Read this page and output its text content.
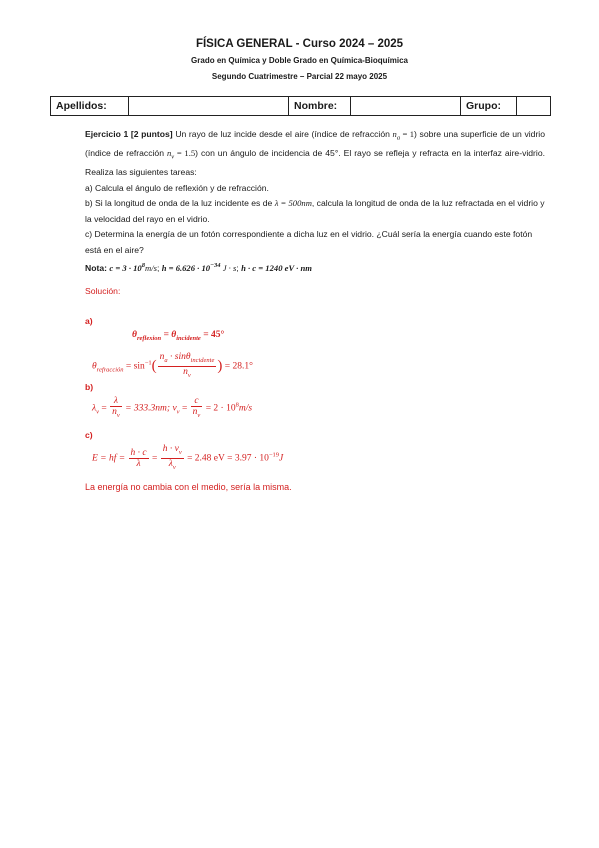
FÍSICA GENERAL - Curso 2024 – 2025
Grado en Química y Doble Grado en Química-Bioquímica
Segundo Cuatrimestre – Parcial 22 mayo 2025
Apellidos:		Nombre:		Grupo:	
Ejercicio 1 [2 puntos] Un rayo de luz incide desde el aire (índice de refracción $n_a = 1$) sobre una superficie de un vidrio (índice de refracción $n_v = 1.5$) con un ángulo de incidencia de 45°. El rayo se refleja y refracta en la interfaz aire-vidrio. Realiza las siguientes tareas:
a) Calcula el ángulo de reflexión y de refracción.
b) Si la longitud de onda de la luz incidente es de λ = 500nm, calcula la longitud de onda de la luz refractada en el vidrio y la velocidad del rayo en el vidrio.
c) Determina la energía de un fotón correspondiente a dicha luz en el vidrio. ¿Cuál sería la energía cuando este fotón está en el aire?
Nota: $c = 3 \cdot 10^8m/s$; $h = 6.626 \cdot 10^{-34}$ J · s; h · c = 1240 eV · nm
Solución:
a)
$\theta_{reflexion} = \theta_{incidente} = 45^\circ$
$\theta_{refracción} = \sin^{-1}( \frac{n_a \cdot \sin\theta_{incidente}}{n_v}$ ) = 28.1°
b)
$\lambda_v = \frac{\lambda}{n_v} = 333.3nm$; $v_v = \frac{c}{n_v} = 2 \cdot 10^8m/s$
c)
E = hf = $\frac{h \cdot c}{\lambda} = \frac{h \cdot v_v}{\lambda_v} = 2.48$ eV = $3.97 \cdot 10^{-19}J$
La energía no cambia con el medio, sería la misma.
